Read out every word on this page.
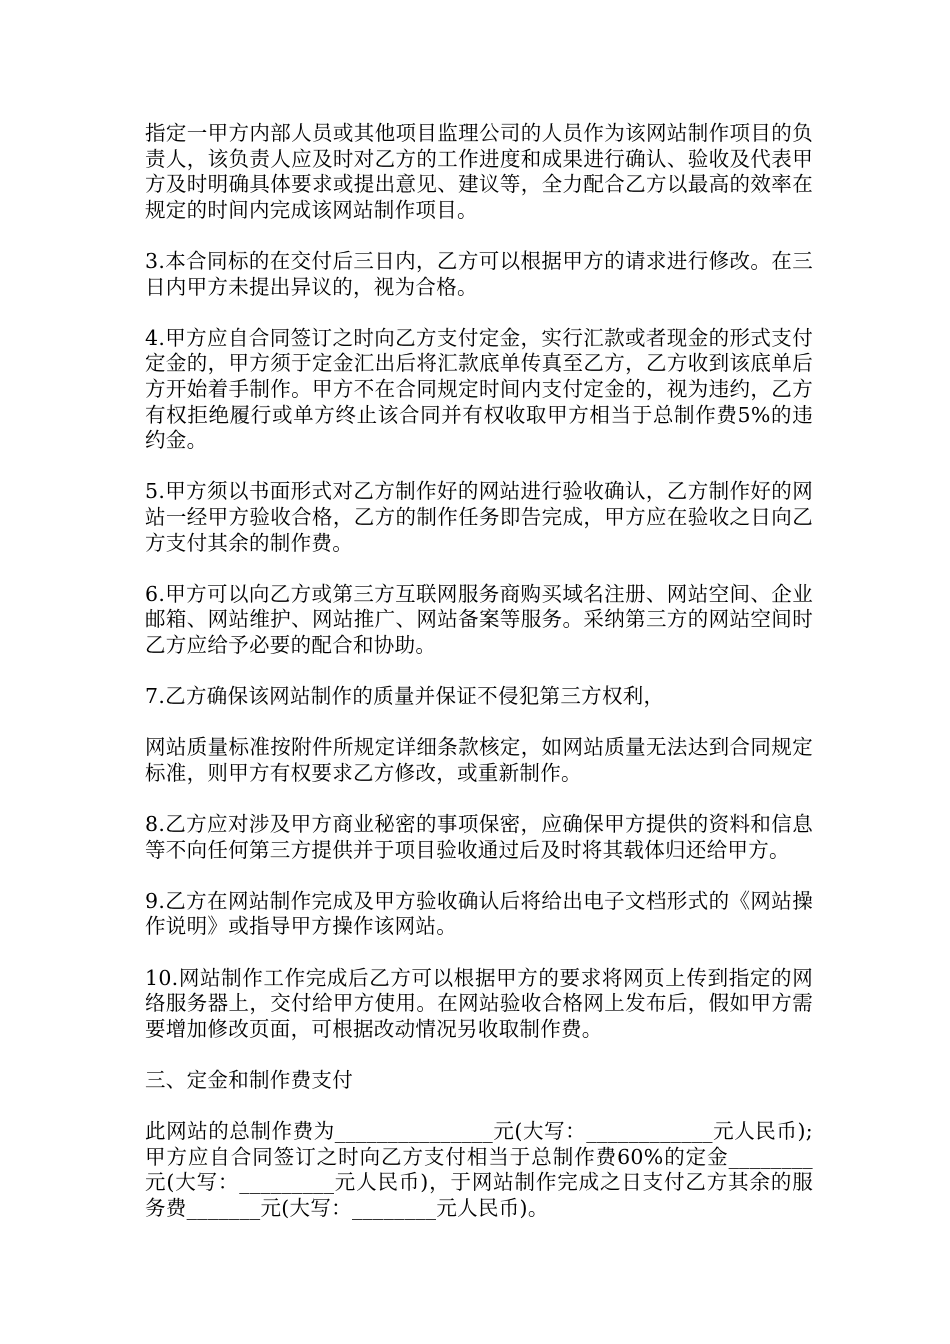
指定一甲方内部人员或其他项目监理公司的人员作为该网站制作项目的负责人，该负责人应及时对乙方的工作进度和成果进行确认、验收及代表甲方及时明确具体要求或提出意见、建议等，全力配合乙方以最高的效率在规定的时间内完成该网站制作项目。

3.本合同标的在交付后三日内，乙方可以根据甲方的请求进行修改。在三日内甲方未提出异议的，视为合格。

4.甲方应自合同签订之时向乙方支付定金，实行汇款或者现金的形式支付定金的，甲方须于定金汇出后将汇款底单传真至乙方，乙方收到该底单后方开始着手制作。甲方不在合同规定时间内支付定金的，视为违约，乙方有权拒绝履行或单方终止该合同并有权收取甲方相当于总制作费5%的违约金。

5.甲方须以书面形式对乙方制作好的网站进行验收确认，乙方制作好的网站一经甲方验收合格，乙方的制作任务即告完成，甲方应在验收之日向乙方支付其余的制作费。

6.甲方可以向乙方或第三方互联网服务商购买域名注册、网站空间、企业邮箱、网站维护、网站推广、网站备案等服务。采纳第三方的网站空间时乙方应给予必要的配合和协助。

7.乙方确保该网站制作的质量并保证不侵犯第三方权利，

网站质量标准按附件所规定详细条款核定，如网站质量无法达到合同规定标准，则甲方有权要求乙方修改，或重新制作。

8.乙方应对涉及甲方商业秘密的事项保密，应确保甲方提供的资料和信息等不向任何第三方提供并于项目验收通过后及时将其载体归还给甲方。

9.乙方在网站制作完成及甲方验收确认后将给出电子文档形式的《网站操作说明》或指导甲方操作该网站。

10.网站制作工作完成后乙方可以根据甲方的要求将网页上传到指定的网络服务器上，交付给甲方使用。在网站验收合格网上发布后，假如甲方需要增加修改页面，可根据改动情况另收取制作费。

三、定金和制作费支付

此网站的总制作费为_______________元(大写：____________元人民币);甲方应自合同签订之时向乙方支付相当于总制作费60%的定金________元(大写：_________元人民币)，于网站制作完成之日支付乙方其余的服务费_______元(大写：________元人民币)。
